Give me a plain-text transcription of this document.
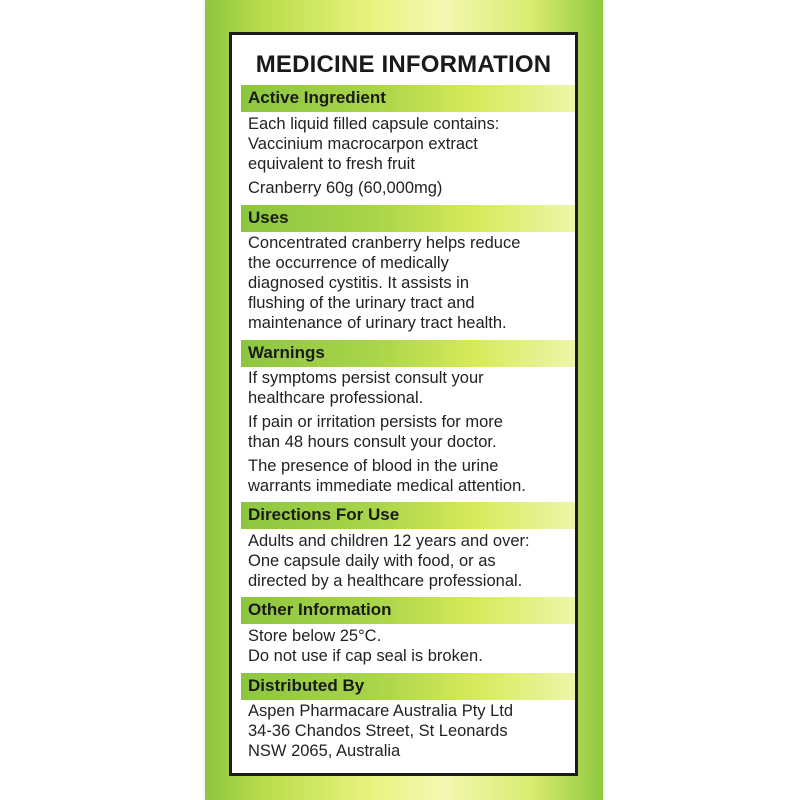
MEDICINE INFORMATION
Active Ingredient
Each liquid filled capsule contains:
Vaccinium macrocarpon extract
equivalent to fresh fruit
Cranberry 60g (60,000mg)
Uses
Concentrated cranberry helps reduce
the occurrence of medically
diagnosed cystitis. It assists in
flushing of the urinary tract and
maintenance of urinary tract health.
Warnings
If symptoms persist consult your
healthcare professional.
If pain or irritation persists for more
than 48 hours consult your doctor.
The presence of blood in the urine
warrants immediate medical attention.
Directions For Use
Adults and children 12 years and over:
One capsule daily with food, or as
directed by a healthcare professional.
Other Information
Store below 25°C.
Do not use if cap seal is broken.
Distributed By
Aspen Pharmacare Australia Pty Ltd
34-36 Chandos Street, St Leonards
NSW 2065, Australia
